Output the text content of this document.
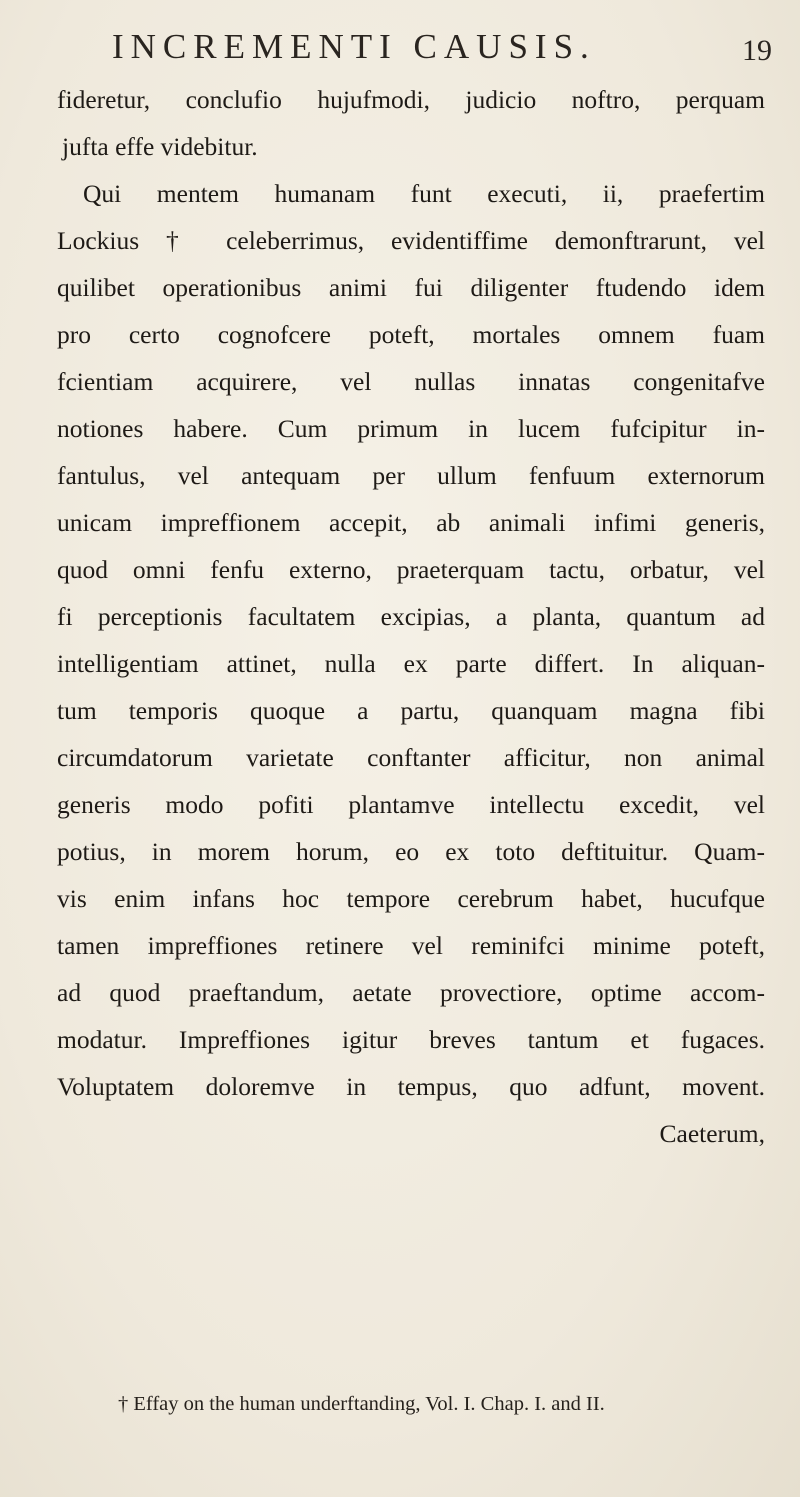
INCREMENTI CAUSIS.	19
fideretur, conclufio hujufmodi, judicio noftro, perquam
jufta effe videbitur.
Qui mentem humanam funt executi, ii, praefertim
Lockius † celeberrimus, evidentiffime demonftrarunt, vel
quilibet operationibus animi fui diligenter ftudendo idem
pro certo cognofcere poteft, mortales omnem fuam
fcientiam acquirere, vel nullas innatas congenitafve
notiones habere. Cum primum in lucem fufcipitur in-
fantulus, vel antequam per ullum fenfuum externorum
unicam impreffionem accepit, ab animali infimi generis,
quod omni fenfu externo, praeterquam tactu, orbatur, vel
fi perceptionis facultatem excipias, a planta, quantum ad
intelligentiam attinet, nulla ex parte differt. In aliquan-
tum temporis quoque a partu, quanquam magna fibi
circumdatorum varietate conftanter afficitur, non animal
generis modo pofiti plantamve intellectu excedit, vel
potius, in morem horum, eo ex toto deftituitur. Quam-
vis enim infans hoc tempore cerebrum habet, hucufque
tamen impreffiones retinere vel reminifci minime poteft,
ad quod praeftandum, aetate provectiore, optime accom-
modatur. Impreffiones igitur breves tantum et fugaces.
Voluptatem doloremve in tempus, quo adfunt, movent.
Caeterum,
† Effay on the human underftanding, Vol. I. Chap. I. and II.
